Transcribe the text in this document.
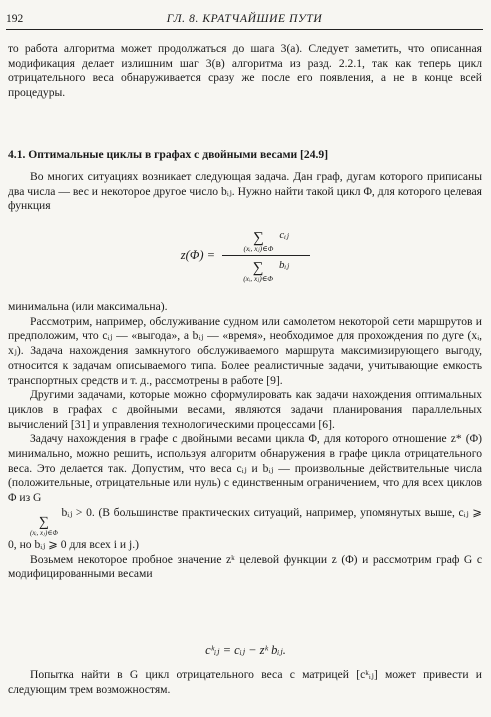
192	ГЛ. 8. КРАТЧАЙШИЕ ПУТИ

то работа алгоритма может продолжаться до шага 3(а). Следует заметить, что описанная модификация делает излишним шаг 3(в) алгоритма из разд. 2.2.1, так как теперь цикл отрицательного веса обнаруживается сразу же после его появления, а не в конце всей процедуры.

4.1. Оптимальные циклы в графах с двойными весами [24.9]

Во многих ситуациях возникает следующая задача. Дан граф, дугам которого приписаны два числа — вес и некоторое другое число bᵢⱼ. Нужно найти такой цикл Φ, для которого целевая функция

z(Φ) = ∑
(xᵢ, xⱼ)∈Φ
cᵢⱼ
∑
(xᵢ, xⱼ)∈Φ
bᵢⱼ

минимальна (или максимальна).

Рассмотрим, например, обслуживание судном или самолетом некоторой сети маршрутов и предположим, что cᵢⱼ — «выгода», а bᵢⱼ — «время», необходимое для прохождения по дуге (xᵢ, xⱼ). Задача нахождения замкнутого обслуживаемого маршрута максимизирующего выгоду, относится к задачам описываемого типа. Более реалистичные задачи, учитывающие емкость транспортных средств и т. д., рассмотрены в работе [9].

Другими задачами, которые можно сформулировать как задачи нахождения оптимальных циклов в графах с двойными весами, являются задачи планирования параллельных вычислений [31] и управления технологическими процессами [6].

Задачу нахождения в графе с двойными весами цикла Φ, для которого отношение z* (Φ) минимально, можно решить, используя алгоритм обнаружения в графе цикла отрицательного веса. Это делается так. Допустим, что веса cᵢⱼ и bᵢⱼ — произвольные действительные числа (положительные, отрицательные или нуль) с единственным ограничением, что для всех циклов Φ из G

∑
(xᵢ, xⱼ)∈Φ
bᵢⱼ > 0. (В большинстве практических ситуаций, например, упомянутых выше, cᵢⱼ ⩾ 0, но bᵢⱼ ⩾ 0 для всех i и j.)

Возьмем некоторое пробное значение zᵏ целевой функции z (Φ) и рассмотрим граф G с модифицированными весами

cᵏᵢⱼ = cᵢⱼ − zᵏ bᵢⱼ.

Попытка найти в G цикл отрицательного веса с матрицей [cᵏᵢⱼ] может привести и следующим трем возможностям.
